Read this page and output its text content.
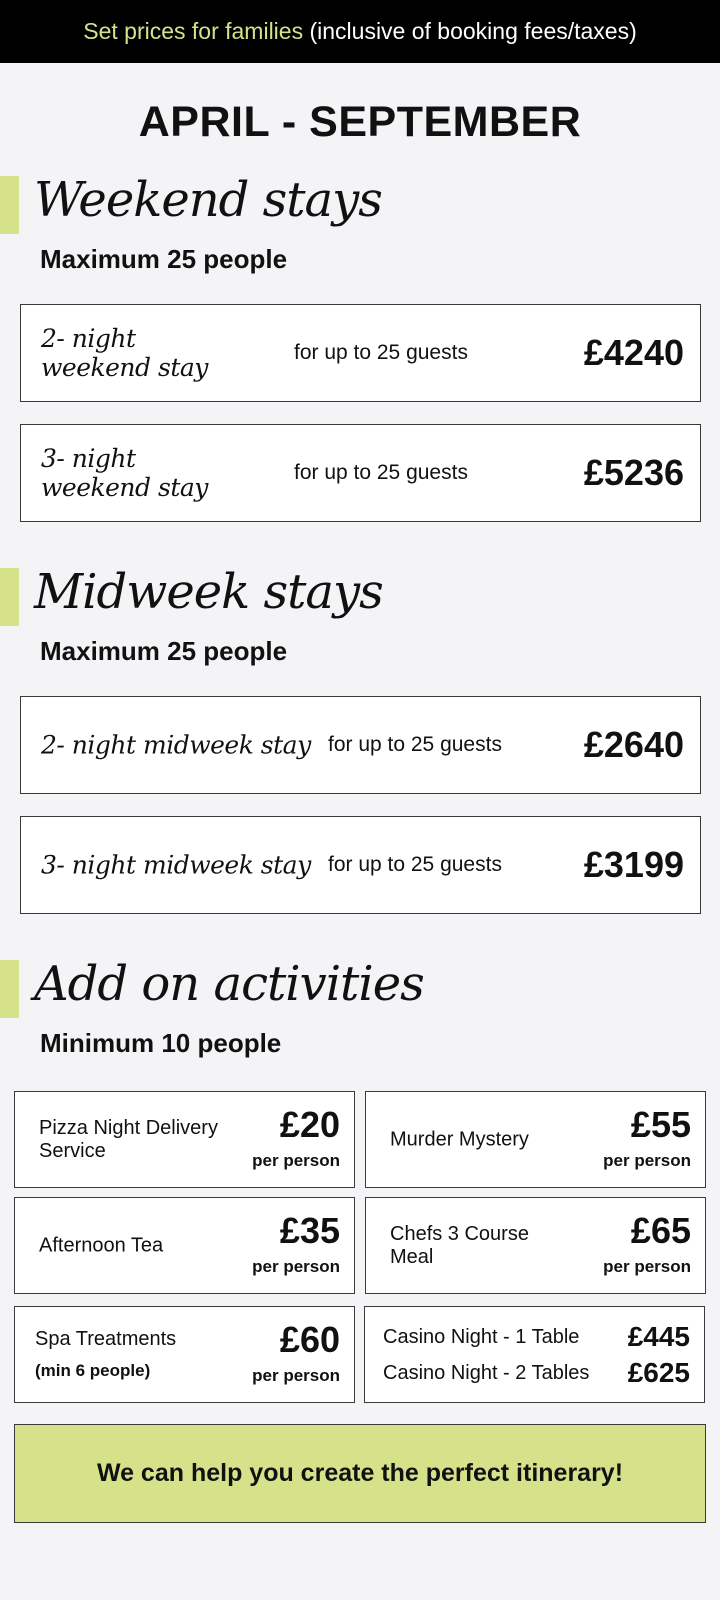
Set prices for families (inclusive of booking fees/taxes)
APRIL - SEPTEMBER
Weekend stays
Maximum 25 people
2- night weekend stay
for up to 25 guests	£4240
3- night weekend stay
for up to 25 guests	£5236
Midweek stays
Maximum 25 people
2- night midweek stay for up to 25 guests £2640
3- night midweek stay for up to 25 guests £3199
Add on activities
Minimum 10 people
Pizza Night Delivery Service
£20
per person
Murder Mystery	£55
per person
Afternoon Tea	£35
per person
Chefs 3 Course Meal
£65
per person
Spa Treatments
(min 6 people)
£60
per person
Casino Night - 1 Table £445
Casino Night - 2 Tables £625
We can help you create the perfect itinerary!
